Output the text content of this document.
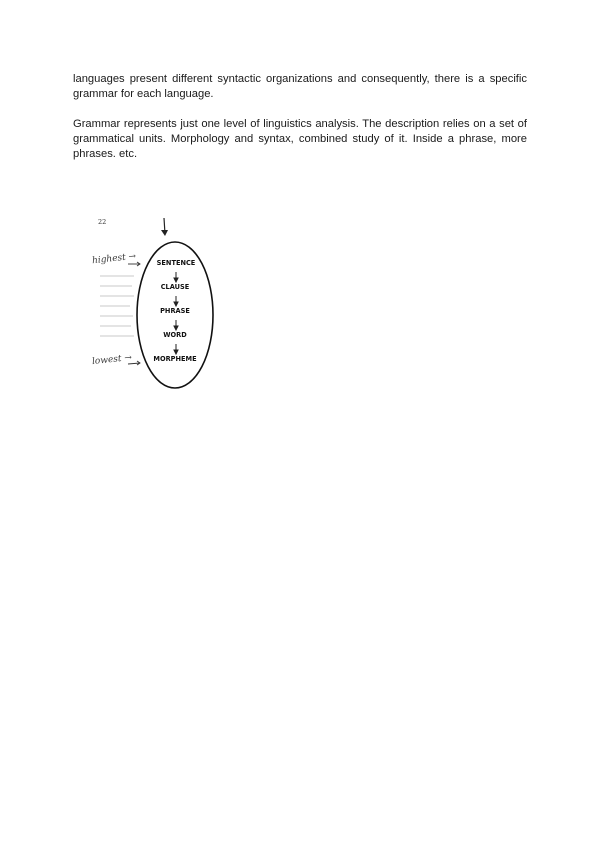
languages present different syntactic organizations and consequently, there is a specific grammar for each language.

Grammar represents just one level of linguistics analysis. The description relies on a set of grammatical units. Morphology and syntax, combined study of it. Inside a phrase, more phrases. etc.

22
highest →
lowest →
SENTENCE
CLAUSE
PHRASE
WORD
MORPHEME
